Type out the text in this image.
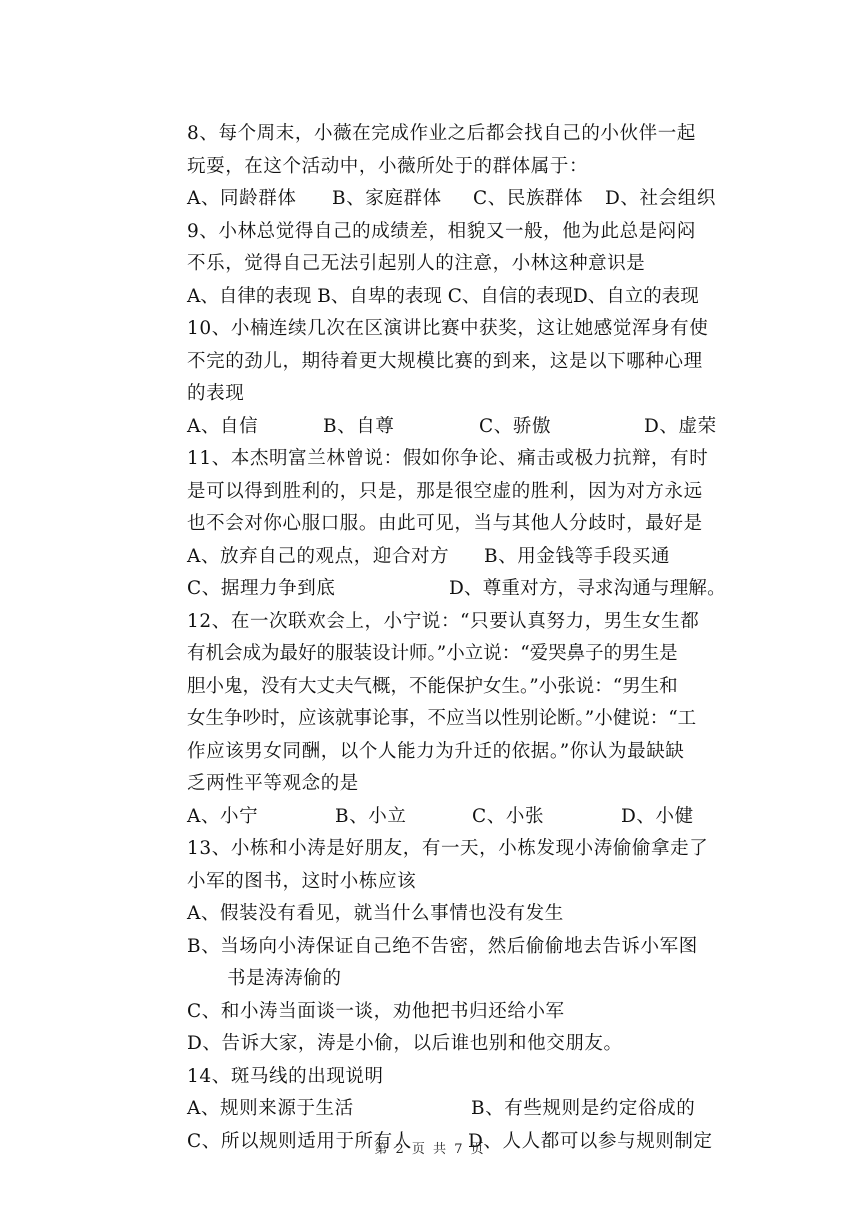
8、每个周末，小薇在完成作业之后都会找自己的小伙伴一起
玩耍，在这个活动中，小薇所处于的群体属于：
A、同龄群体 B、家庭群体 C、民族群体 D、社会组织
9、小林总觉得自己的成绩差，相貌又一般，他为此总是闷闷
不乐，觉得自己无法引起别人的注意，小林这种意识是
A、自律的表现 B、自卑的表现 C、自信的表现D、自立的表现
10、小楠连续几次在区演讲比赛中获奖，这让她感觉浑身有使
不完的劲儿，期待着更大规模比赛的到来，这是以下哪种心理
的表现
A、自信	B、自尊	C、骄傲	D、虚荣
11、本杰明富兰林曾说：假如你争论、痛击或极力抗辩，有时
是可以得到胜利的，只是，那是很空虚的胜利，因为对方永远
也不会对你心服口服。由此可见，当与其他人分歧时，最好是
A、放弃自己的观点，迎合对方 B、用金钱等手段买通
C、据理力争到底	D、尊重对方，寻求沟通与理解。
12、在一次联欢会上，小宁说：“只要认真努力，男生女生都
有机会成为最好的服装设计师。”小立说：“爱哭鼻子的男生是
胆小鬼，没有大丈夫气概，不能保护女生。”小张说：“男生和
女生争吵时，应该就事论事，不应当以性别论断。”小健说：“工
作应该男女同酬，以个人能力为升迁的依据。”你认为最缺缺
乏两性平等观念的是
A、小宁	B、小立	C、小张	D、小健
13、小栋和小涛是好朋友，有一天，小栋发现小涛偷偷拿走了
小军的图书，这时小栋应该
A、假装没有看见，就当什么事情也没有发生
B、当场向小涛保证自己绝不告密，然后偷偷地去告诉小军图
书是涛涛偷的
C、和小涛当面谈一谈，劝他把书归还给小军
D、告诉大家，涛是小偷，以后谁也别和他交朋友。
14、斑马线的出现说明
A、规则来源于生活	B、有些规则是约定俗成的
C、所以规则适用于所有人	D、人人都可以参与规则制定
第 2 页 共 7 页
